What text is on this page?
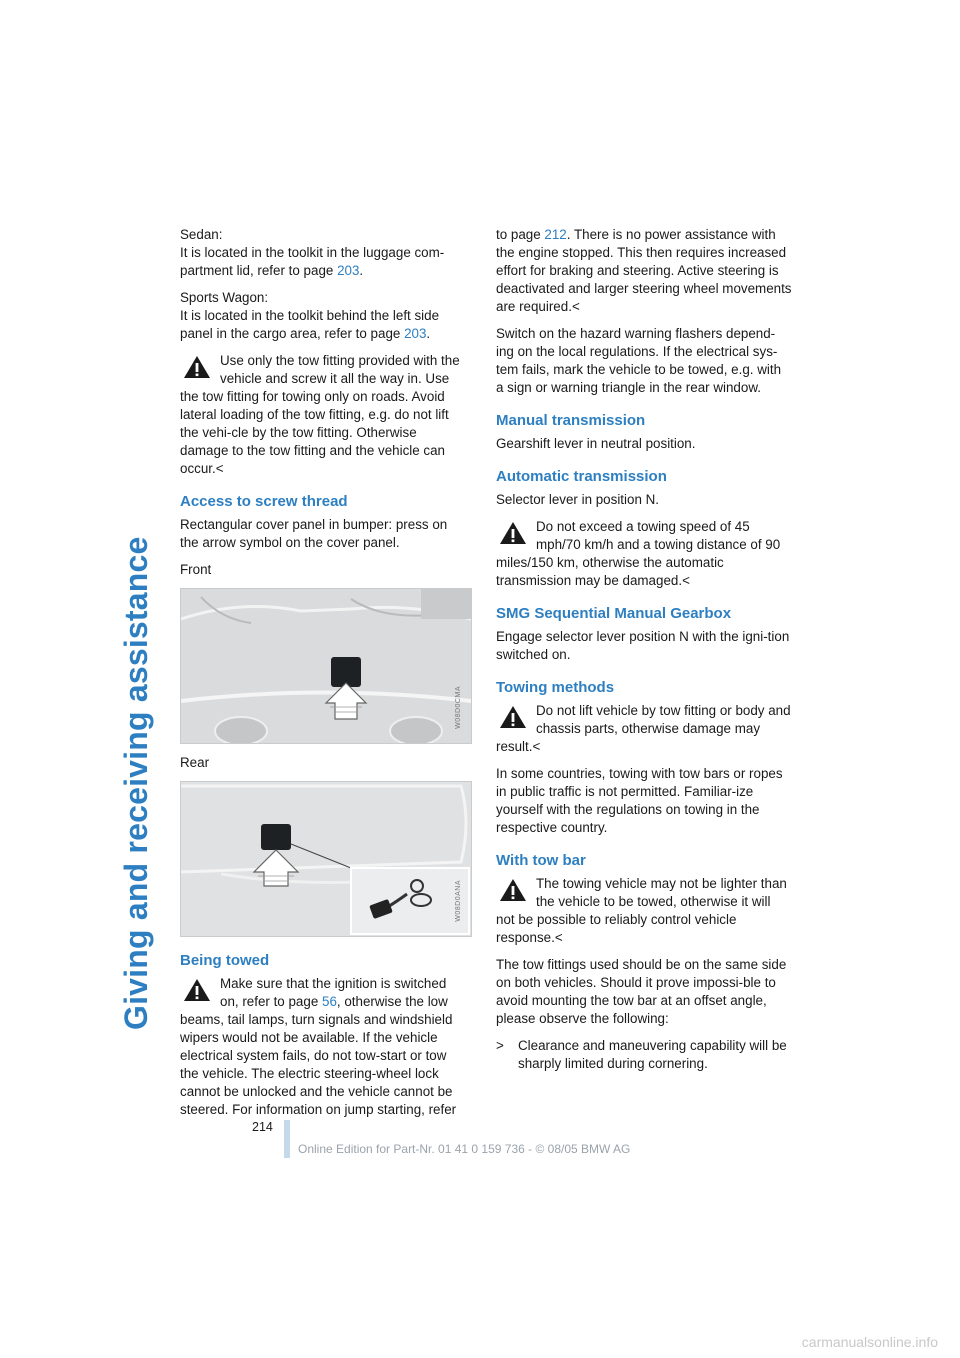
Giving and receiving assistance

Sedan:
It is located in the toolkit in the luggage com-
partment lid, refer to page 203.

Sports Wagon:
It is located in the toolkit behind the left side
panel in the cargo area, refer to page 203.

Use only the tow fitting provided with the vehicle and screw it all the way in. Use the tow fitting for towing only on roads. Avoid lateral loading of the tow fitting, e.g. do not lift the vehi-cle by the tow fitting. Otherwise damage to the tow fitting and the vehicle can occur.<
Access to screw thread

Rectangular cover panel in bumper: press on the arrow symbol on the cover panel.

Front

W08D0CMA

Rear

W08D0ANA
Being towed
Make sure that the ignition is switched on, refer to page 56, otherwise the low beams, tail lamps, turn signals and windshield wipers would not be available. If the vehicle electrical system fails, do not tow-start or tow the vehicle. The electric steering-wheel lock cannot be unlocked and the vehicle cannot be steered. For information on jump starting, refer

to page 212. There is no power assistance with the engine stopped. This then requires increased effort for braking and steering. Active steering is deactivated and larger steering wheel movements are required.<

Switch on the hazard warning flashers depend-ing on the local regulations. If the electrical sys-tem fails, mark the vehicle to be towed, e.g. with a sign or warning triangle in the rear window.

Manual transmission

Gearshift lever in neutral position.

Automatic transmission

Selector lever in position N.

Do not exceed a towing speed of 45 mph/70 km/h and a towing distance of 90 miles/150 km, otherwise the automatic transmission may be damaged.<
SMG Sequential Manual Gearbox

Engage selector lever position N with the igni-tion switched on.

Towing methods
Do not lift vehicle by tow fitting or body and chassis parts, otherwise damage may result.<

In some countries, towing with tow bars or ropes in public traffic is not permitted. Familiar-ize yourself with the regulations on towing in the respective country.

With tow bar
The towing vehicle may not be lighter than the vehicle to be towed, otherwise it will not be possible to reliably control vehicle response.<

The tow fittings used should be on the same side on both vehicles. Should it prove impossi-ble to avoid mounting the tow bar at an offset angle, please observe the following:

>	Clearance and maneuvering capability will be sharply limited during cornering.
214
Online Edition for Part-Nr. 01 41 0 159 736 - © 08/05 BMW AG
carmanualsonline.info
